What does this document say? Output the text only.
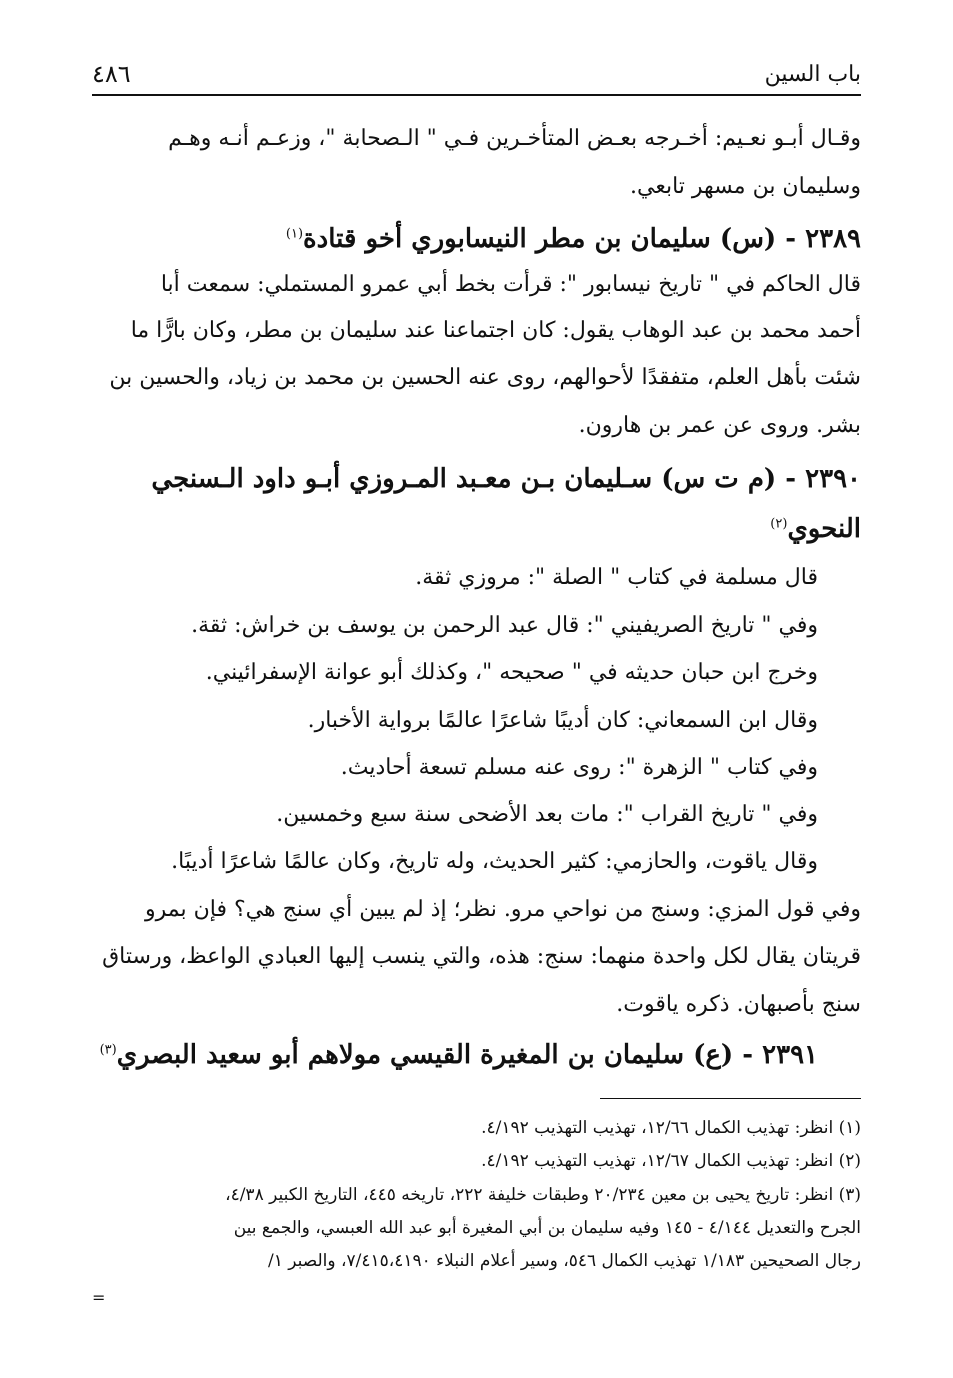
باب السين
٤٨٦
وقـال أبـو نعـيم: أخـرجه بعـض المتأخـرين فـي " الـصحابة "، وزعـم أنـه وهـم
وسليمان بن مسهر تابعي.
٢٣٨٩ - (س) سليمان بن مطر النيسابوري أخو قتادة$^{(١)}$
قال الحاكم في " تاريخ نيسابور ": قرأت بخط أبي عمرو المستملي: سمعت أبا
أحمد محمد بن عبد الوهاب يقول: كان اجتماعنا عند سليمان بن مطر، وكان بارًّا ما
شئت بأهل العلم، متفقدًا لأحوالهم، روى عنه الحسين بن محمد بن زياد، والحسين بن
بشر. وروى عن عمر بن هارون.
٢٣٩٠ - (م ت س) سـليمان بـن معـبد المـروزي أبـو داود الـسنجي
النحوي$^{(٢)}$
قال مسلمة في كتاب " الصلة ": مروزي ثقة.
وفي " تاريخ الصريفيني ": قال عبد الرحمن بن يوسف بن خراش: ثقة.
وخرج ابن حبان حديثه في " صحيحه "، وكذلك أبو عوانة الإسفرائيني.
وقال ابن السمعاني: كان أديبًا شاعرًا عالمًا برواية الأخبار.
وفي كتاب " الزهرة ": روى عنه مسلم تسعة أحاديث.
وفي " تاريخ القراب ": مات بعد الأضحى سنة سبع وخمسين.
وقال ياقوت، والحازمي: كثير الحديث، وله تاريخ، وكان عالمًا شاعرًا أديبًا.
وفي قول المزي: وسنج من نواحي مرو. نظر؛ إذ لم يبين أي سنج هي؟ فإن بمرو
قريتان يقال لكل واحدة منهما: سنج: هذه، والتي ينسب إليها العبادي الواعظ، ورستاق
سنج بأصبهان. ذكره ياقوت.
٢٣٩١ - (ع) سليمان بن المغيرة القيسي مولاهم أبو سعيد البصري$^{(٣)}$
(١) انظر: تهذيب الكمال ١٢/٦٦، تهذيب التهذيب ٤/١٩٢.
(٢) انظر: تهذيب الكمال ١٢/٦٧، تهذيب التهذيب ٤/١٩٢.
(٣) انظر: تاريخ يحيى بن معين ٢٠/٢٣٤ وطبقات خليفة ٢٢٢، تاريخه ٤٤٥، التاريخ الكبير ٤/٣٨،
الجرح والتعديل ٤/١٤٤ - ١٤٥ وفيه سليمان بن أبي المغيرة أبو عبد الله العبسي، والجمع بين
رجال الصحيحين ١/١٨٣ تهذيب الكمال ٥٤٦، وسير أعلام النبلاء ٧/٤١٥،٤١٩٠، والصبر ١/
=
